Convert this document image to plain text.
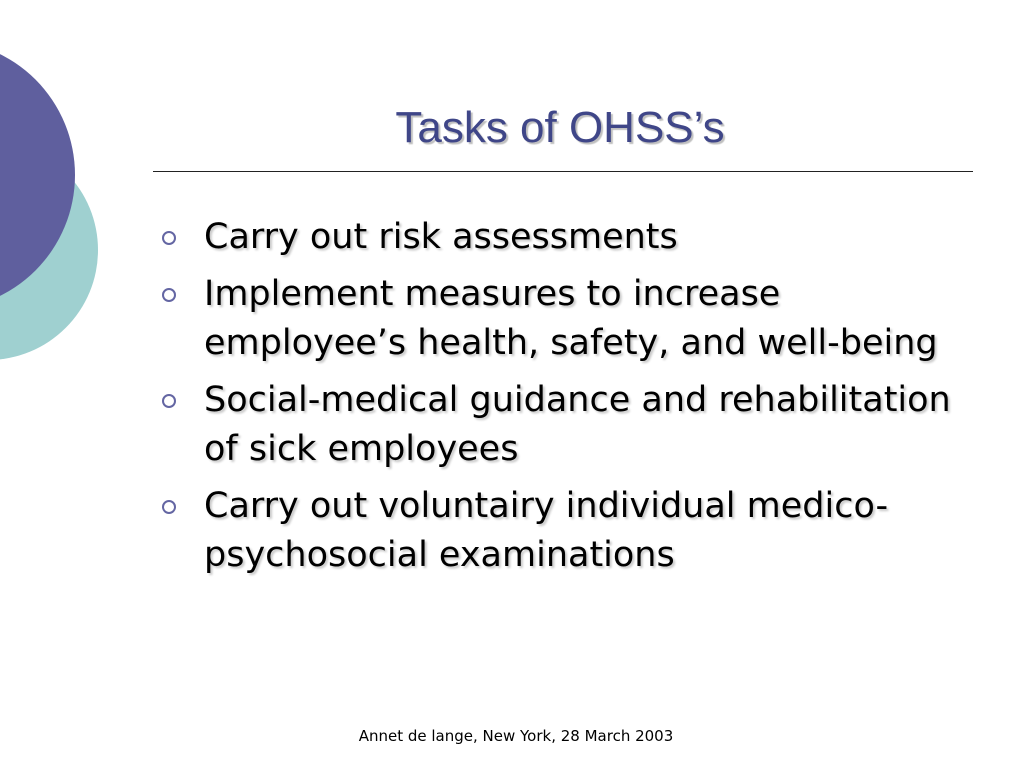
Tasks of OHSS’s
Carry out risk assessments
Implement measures to increase employee’s health, safety, and well-being
Social-medical guidance and rehabilitation of sick employees
Carry out voluntairy individual medico-psychosocial examinations
Annet de lange, New York, 28 March 2003
